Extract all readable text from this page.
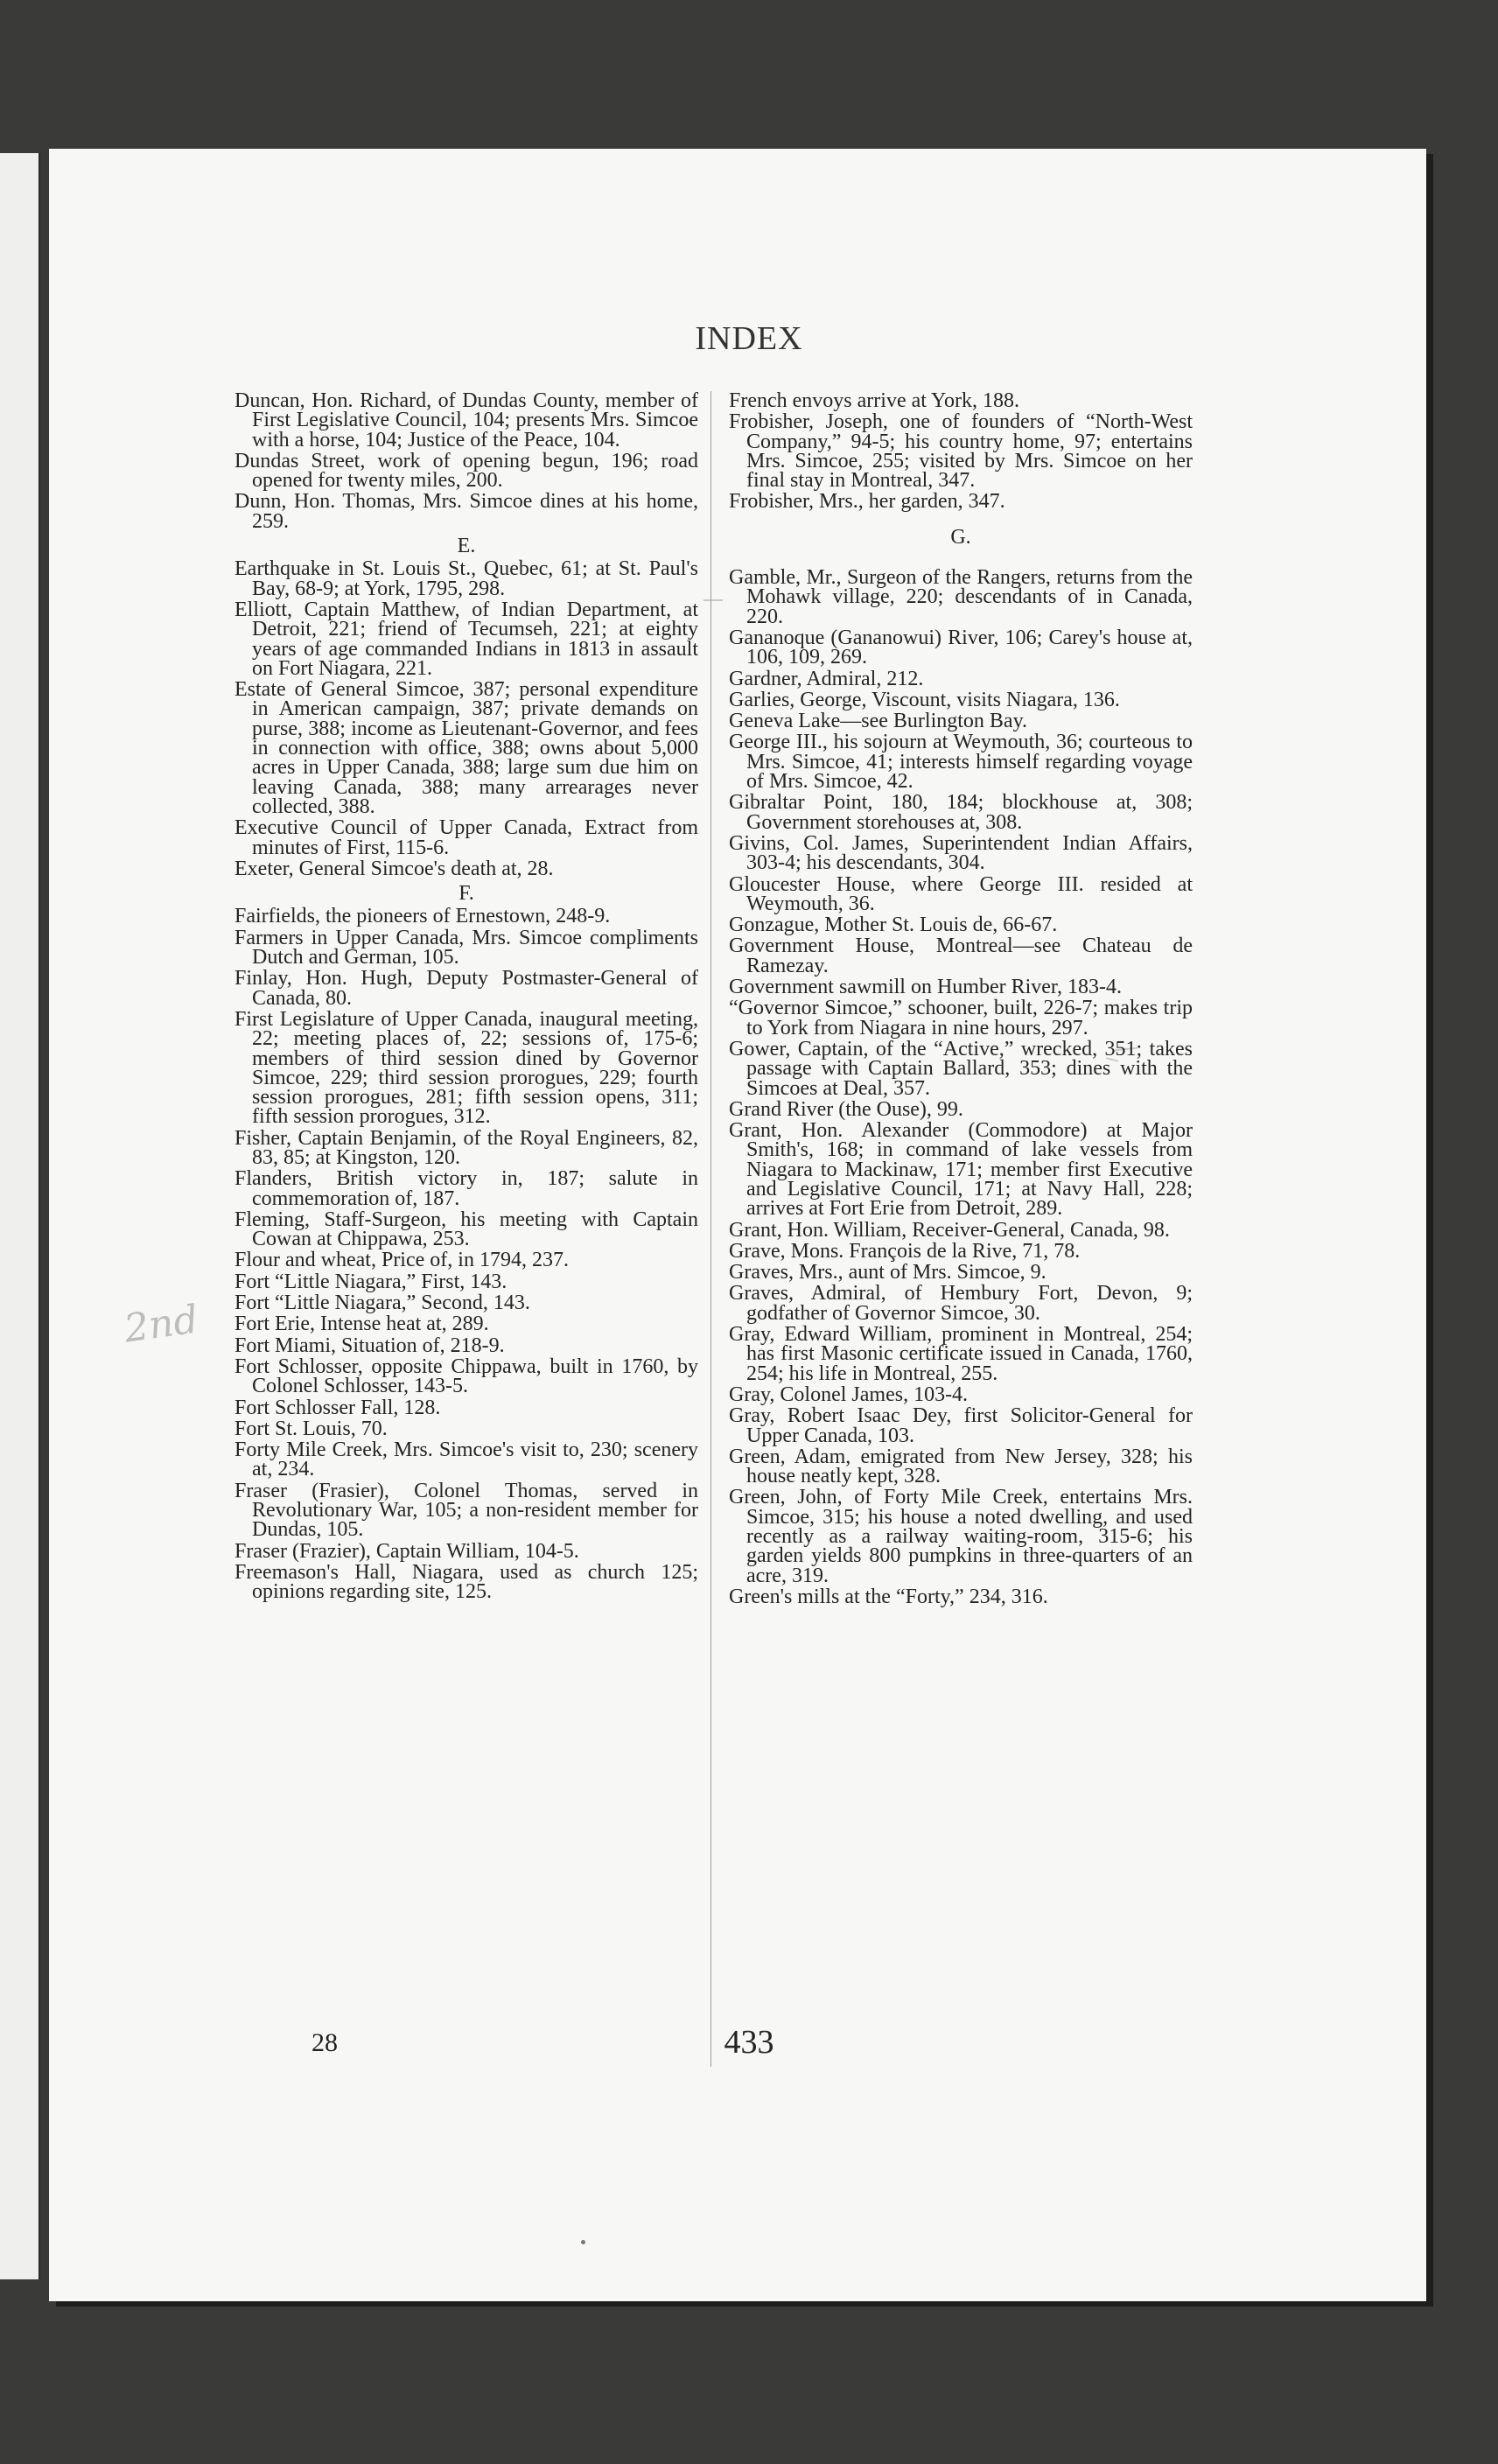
2nd
INDEX
Duncan, Hon. Richard, of Dundas County, member of First Legislative Council, 104; presents Mrs. Simcoe with a horse, 104; Justice of the Peace, 104.
Dundas Street, work of opening begun, 196; road opened for twenty miles, 200.
Dunn, Hon. Thomas, Mrs. Simcoe dines at his home, 259.
E.
Earthquake in St. Louis St., Quebec, 61; at St. Paul's Bay, 68-9; at York, 1795, 298.
Elliott, Captain Matthew, of Indian Department, at Detroit, 221; friend of Tecumseh, 221; at eighty years of age commanded Indians in 1813 in assault on Fort Niagara, 221.
Estate of General Simcoe, 387; personal expenditure in American campaign, 387; private demands on purse, 388; income as Lieutenant-Governor, and fees in connection with office, 388; owns about 5,000 acres in Upper Canada, 388; large sum due him on leaving Canada, 388; many arrearages never collected, 388.
Executive Council of Upper Canada, Extract from minutes of First, 115-6.
Exeter, General Simcoe's death at, 28.
F.
Fairfields, the pioneers of Ernestown, 248-9.
Farmers in Upper Canada, Mrs. Simcoe compliments Dutch and German, 105.
Finlay, Hon. Hugh, Deputy Postmaster-General of Canada, 80.
First Legislature of Upper Canada, inaugural meeting, 22; meeting places of, 22; sessions of, 175-6; members of third session dined by Governor Simcoe, 229; third session prorogues, 229; fourth session prorogues, 281; fifth session opens, 311; fifth session prorogues, 312.
Fisher, Captain Benjamin, of the Royal Engineers, 82, 83, 85; at Kingston, 120.
Flanders, British victory in, 187; salute in commemoration of, 187.
Fleming, Staff-Surgeon, his meeting with Captain Cowan at Chippawa, 253.
Flour and wheat, Price of, in 1794, 237.
Fort “Little Niagara,” First, 143.
Fort “Little Niagara,” Second, 143.
Fort Erie, Intense heat at, 289.
Fort Miami, Situation of, 218-9.
Fort Schlosser, opposite Chippawa, built in 1760, by Colonel Schlosser, 143-5.
Fort Schlosser Fall, 128.
Fort St. Louis, 70.
Forty Mile Creek, Mrs. Simcoe's visit to, 230; scenery at, 234.
Fraser (Frasier), Colonel Thomas, served in Revolutionary War, 105; a non-resident member for Dundas, 105.
Fraser (Frazier), Captain William, 104-5.
Freemason's Hall, Niagara, used as church 125; opinions regarding site, 125.
French envoys arrive at York, 188.
Frobisher, Joseph, one of founders of “North-West Company,” 94-5; his country home, 97; entertains Mrs. Simcoe, 255; visited by Mrs. Simcoe on her final stay in Montreal, 347.
Frobisher, Mrs., her garden, 347.
G.
Gamble, Mr., Surgeon of the Rangers, returns from the Mohawk village, 220; descendants of in Canada, 220.
Gananoque (Gananowui) River, 106; Carey's house at, 106, 109, 269.
Gardner, Admiral, 212.
Garlies, George, Viscount, visits Niagara, 136.
Geneva Lake—see Burlington Bay.
George III., his sojourn at Weymouth, 36; courteous to Mrs. Simcoe, 41; interests himself regarding voyage of Mrs. Simcoe, 42.
Gibraltar Point, 180, 184; blockhouse at, 308; Government storehouses at, 308.
Givins, Col. James, Superintendent Indian Affairs, 303-4; his descendants, 304.
Gloucester House, where George III. resided at Weymouth, 36.
Gonzague, Mother St. Louis de, 66-67.
Government House, Montreal—see Chateau de Ramezay.
Government sawmill on Humber River, 183-4.
“Governor Simcoe,” schooner, built, 226-7; makes trip to York from Niagara in nine hours, 297.
Gower, Captain, of the “Active,” wrecked, 351; takes passage with Captain Ballard, 353; dines with the Simcoes at Deal, 357.
Grand River (the Ouse), 99.
Grant, Hon. Alexander (Commodore) at Major Smith's, 168; in command of lake vessels from Niagara to Mackinaw, 171; member first Executive and Legislative Council, 171; at Navy Hall, 228; arrives at Fort Erie from Detroit, 289.
Grant, Hon. William, Receiver-General, Canada, 98.
Grave, Mons. François de la Rive, 71, 78.
Graves, Mrs., aunt of Mrs. Simcoe, 9.
Graves, Admiral, of Hembury Fort, Devon, 9; godfather of Governor Simcoe, 30.
Gray, Edward William, prominent in Montreal, 254; has first Masonic certificate issued in Canada, 1760, 254; his life in Montreal, 255.
Gray, Colonel James, 103-4.
Gray, Robert Isaac Dey, first Solicitor-General for Upper Canada, 103.
Green, Adam, emigrated from New Jersey, 328; his house neatly kept, 328.
Green, John, of Forty Mile Creek, entertains Mrs. Simcoe, 315; his house a noted dwelling, and used recently as a railway waiting-room, 315-6; his garden yields 800 pumpkins in three-quarters of an acre, 319.
Green's mills at the “Forty,” 234, 316.
28	433
